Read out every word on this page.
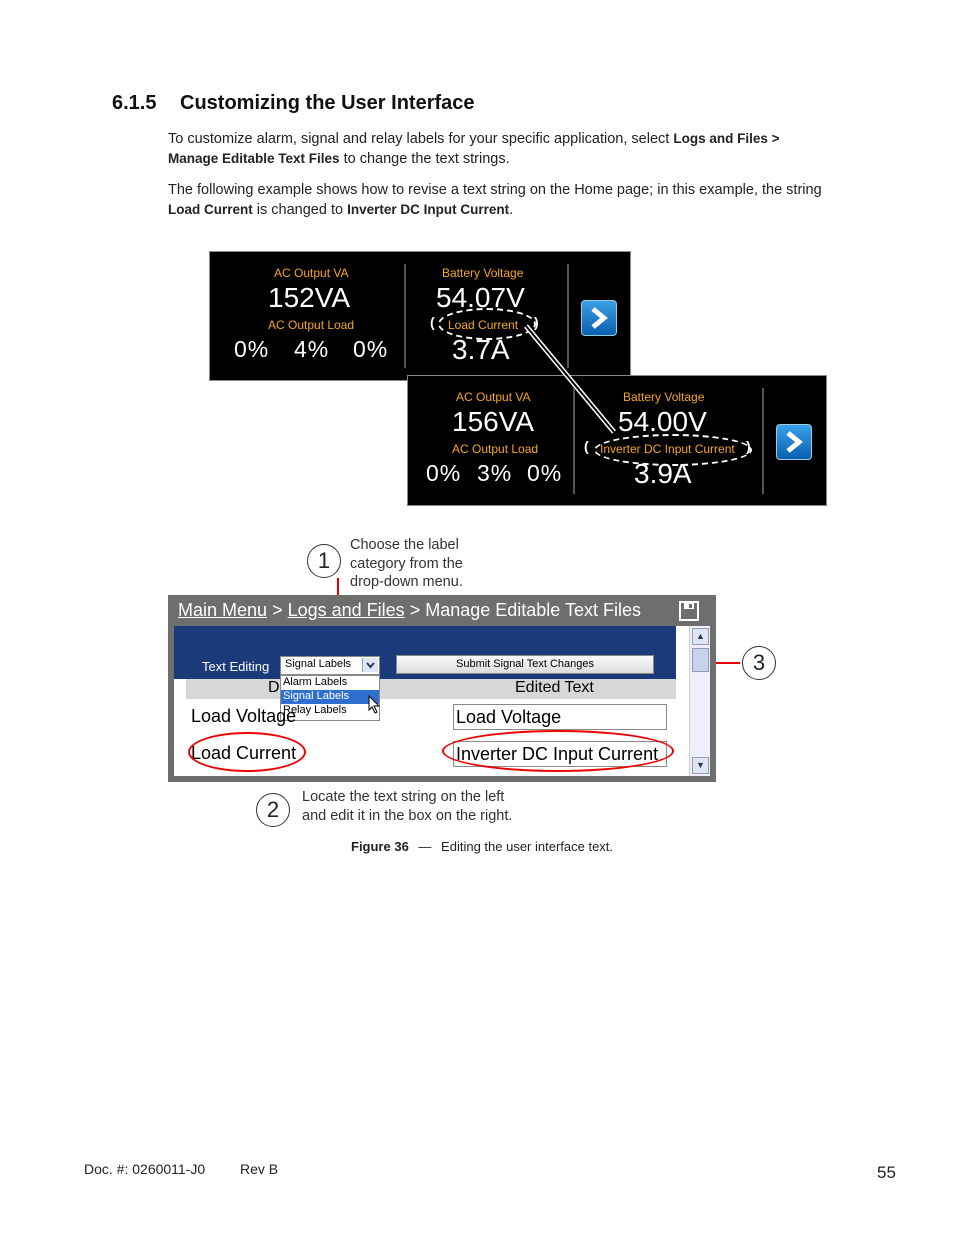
6.1.5 Customizing the User Interface
To customize alarm, signal and relay labels for your specific application, select Logs and Files >
Manage Editable Text Files to change the text strings.
The following example shows how to revise a text string on the Home page; in this example, the string Load Current is changed to Inverter DC Input Current.
AC Output VA
152VA
AC Output Load
0% 4% 0%
Battery Voltage
54.07V
(	)
Load Current
3.7A
AC Output VA
156VA
AC Output Load
0% 3% 0%
Battery Voltage
54.00V
(	)
Inverter DC Input Current
3.9A
1
Choose the label
category from the
drop-down menu.
Main Menu > Logs and Files > Manage Editable Text Files
Text Editing Signal Labels	Submit Signal Text Changes
D	Edited Text
Alarm Labels
Signal Labels
Relay Labels
Load Voltage	Load Voltage
Load Current	Inverter DC Input Current
▲
▼
3
2	Locate the text string on the left
and edit it in the box on the right.
Figure 36 — Editing the user interface text.
Doc. #: 0260011-J0 Rev B	55
